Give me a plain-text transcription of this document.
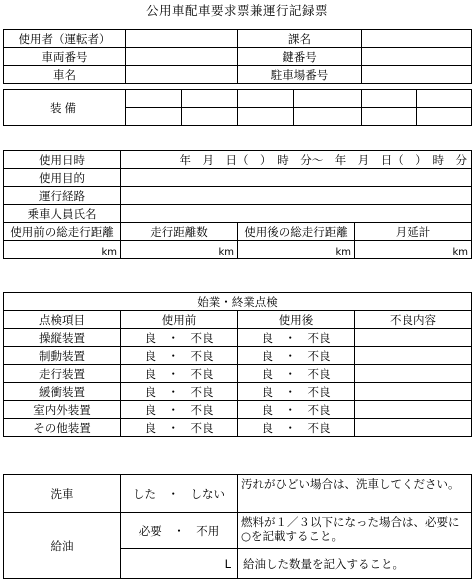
公用車配車要求票兼運行記録票
使用者（運転者）		課名	
車両番号		鍵番号	
車名		駐車場番号	
装備						

使用日時	年　月　日（　）　時　分～　年　月　日（　）　時　分		
使用目的			
運行経路			
乗車人員氏名			
使用前の総走行距離	走行距離数	使用後の総走行距離	月延計
km	km	km	km
始業・終業点検			
点検項目	使用前	使用後	不良内容
操縦装置	良　 ・　 不良	良　 ・　 不良	
制動装置	良　 ・　 不良	良　 ・　 不良	
走行装置	良　 ・　 不良	良　 ・　 不良	
緩衝装置	良　 ・　 不良	良　 ・　 不良	
室内外装置	良　 ・　 不良	良　 ・　 不良	
その他装置	良　 ・　 不良	良　 ・　 不良	
洗車	した　 ・　 しない	汚れがひどい場合は、洗車してください。
給油	必要　 ・　 不用	燃料が１／３以下になった場合は、必要に○を記載すること。
	L	給油した数量を記入すること。
